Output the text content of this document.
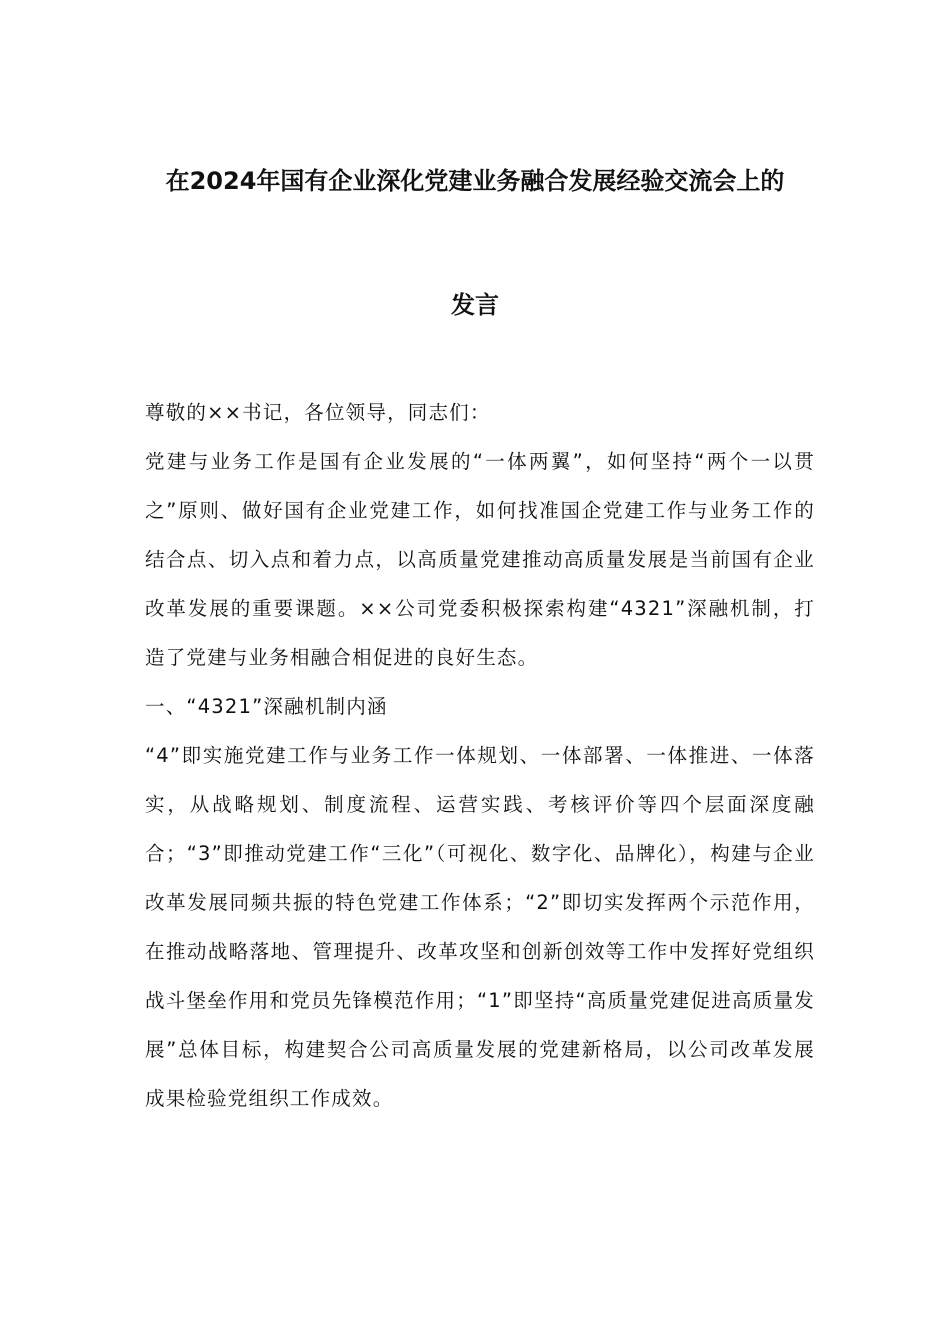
在2024年国有企业深化党建业务融合发展经验交流会上的
发言

尊敬的××书记，各位领导，同志们：

党建与业务工作是国有企业发展的“一体两翼”，如何坚持“两个一以贯之”原则、做好国有企业党建工作，如何找准国企党建工作与业务工作的结合点、切入点和着力点，以高质量党建推动高质量发展是当前国有企业改革发展的重要课题。××公司党委积极探索构建“4321”深融机制，打造了党建与业务相融合相促进的良好生态。

一、“4321”深融机制内涵

“4”即实施党建工作与业务工作一体规划、一体部署、一体推进、一体落实，从战略规划、制度流程、运营实践、考核评价等四个层面深度融合；“3”即推动党建工作“三化”（可视化、数字化、品牌化），构建与企业改革发展同频共振的特色党建工作体系；“2”即切实发挥两个示范作用，在推动战略落地、管理提升、改革攻坚和创新创效等工作中发挥好党组织战斗堡垒作用和党员先锋模范作用；“1”即坚持“高质量党建促进高质量发展”总体目标，构建契合公司高质量发展的党建新格局，以公司改革发展成果检验党组织工作成效。
